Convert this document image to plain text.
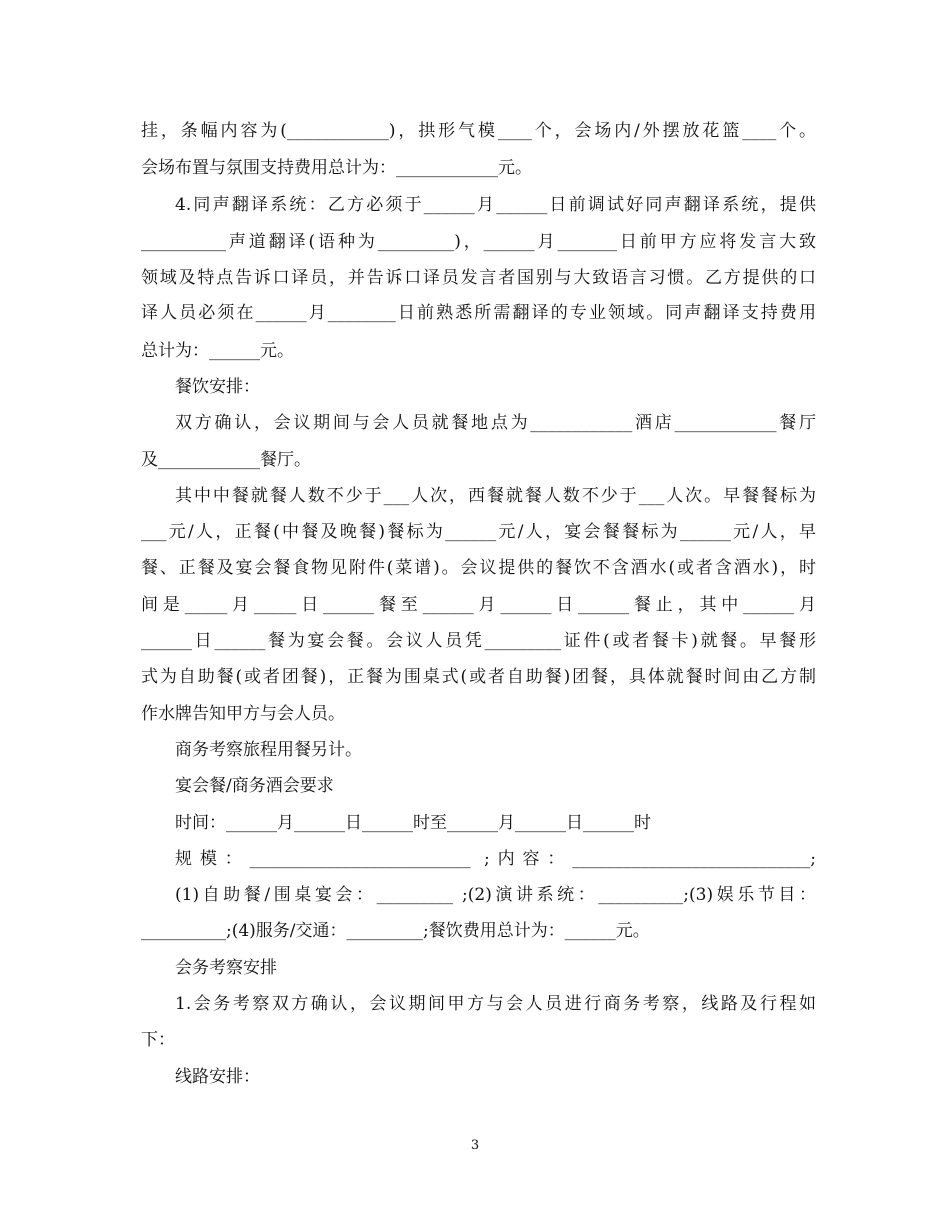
挂，条幅内容为(____________)，拱形气模____个，会场内/外摆放花篮____个。
会场布置与氛围支持费用总计为：____________元。
4.同声翻译系统：乙方必须于______月______日前调试好同声翻译系统，提供
__________声道翻译(语种为_________)，______月_______日前甲方应将发言大致
领域及特点告诉口译员，并告诉口译员发言者国别与大致语言习惯。乙方提供的口
译人员必须在______月________日前熟悉所需翻译的专业领域。同声翻译支持费用
总计为：______元。
餐饮安排：
双方确认，会议期间与会人员就餐地点为____________酒店____________餐厅
及____________餐厅。
其中中餐就餐人数不少于___人次，西餐就餐人数不少于___人次。早餐餐标为
___元/人，正餐(中餐及晚餐)餐标为______元/人，宴会餐餐标为______元/人，早
餐、正餐及宴会餐食物见附件(菜谱)。会议提供的餐饮不含酒水(或者含酒水)，时
间是_____月_____日______餐至______月______日______餐止，其中______月
______日______餐为宴会餐。会议人员凭_________证件(或者餐卡)就餐。早餐形
式为自助餐(或者团餐)，正餐为围桌式(或者自助餐)团餐，具体就餐时间由乙方制
作水牌告知甲方与会人员。
商务考察旅程用餐另计。
宴会餐/商务酒会要求
时间：______月______日______时至______月______日______时
规模：__________________________ ;内容：____________________________;
(1)自助餐/围桌宴会：_________ ;(2)演讲系统：__________;(3)娱乐节目：
__________;(4)服务/交通：_________;餐饮费用总计为：______元。
会务考察安排
1.会务考察双方确认，会议期间甲方与会人员进行商务考察，线路及行程如
下：
线路安排：
3
